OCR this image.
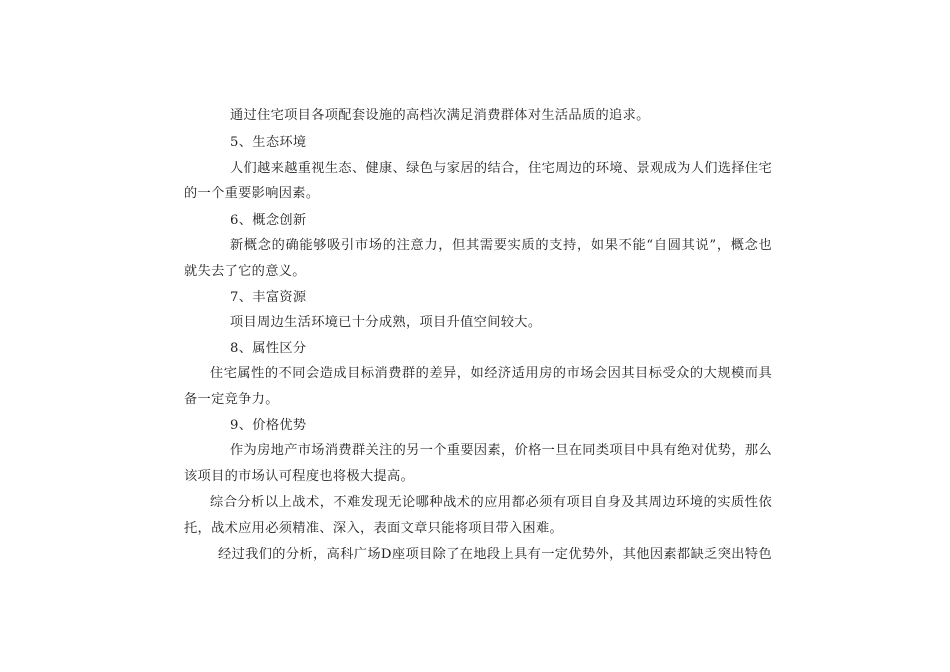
通过住宅项目各项配套设施的高档次满足消费群体对生活品质的追求。
5、生态环境
人们越来越重视生态、健康、绿色与家居的结合，住宅周边的环境、景观成为人们选择住宅
的一个重要影响因素。
6、概念创新
新概念的确能够吸引市场的注意力，但其需要实质的支持，如果不能“自圆其说”，概念也
就失去了它的意义。
7、丰富资源
项目周边生活环境已十分成熟，项目升值空间较大。
8、属性区分
住宅属性的不同会造成目标消费群的差异，如经济适用房的市场会因其目标受众的大规模而具
备一定竞争力。
9、价格优势
作为房地产市场消费群关注的另一个重要因素，价格一旦在同类项目中具有绝对优势，那么
该项目的市场认可程度也将极大提高。
综合分析以上战术，不难发现无论哪种战术的应用都必须有项目自身及其周边环境的实质性依
托，战术应用必须精准、深入，表面文章只能将项目带入困难。
经过我们的分析，高科广场D座项目除了在地段上具有一定优势外，其他因素都缺乏突出特色
